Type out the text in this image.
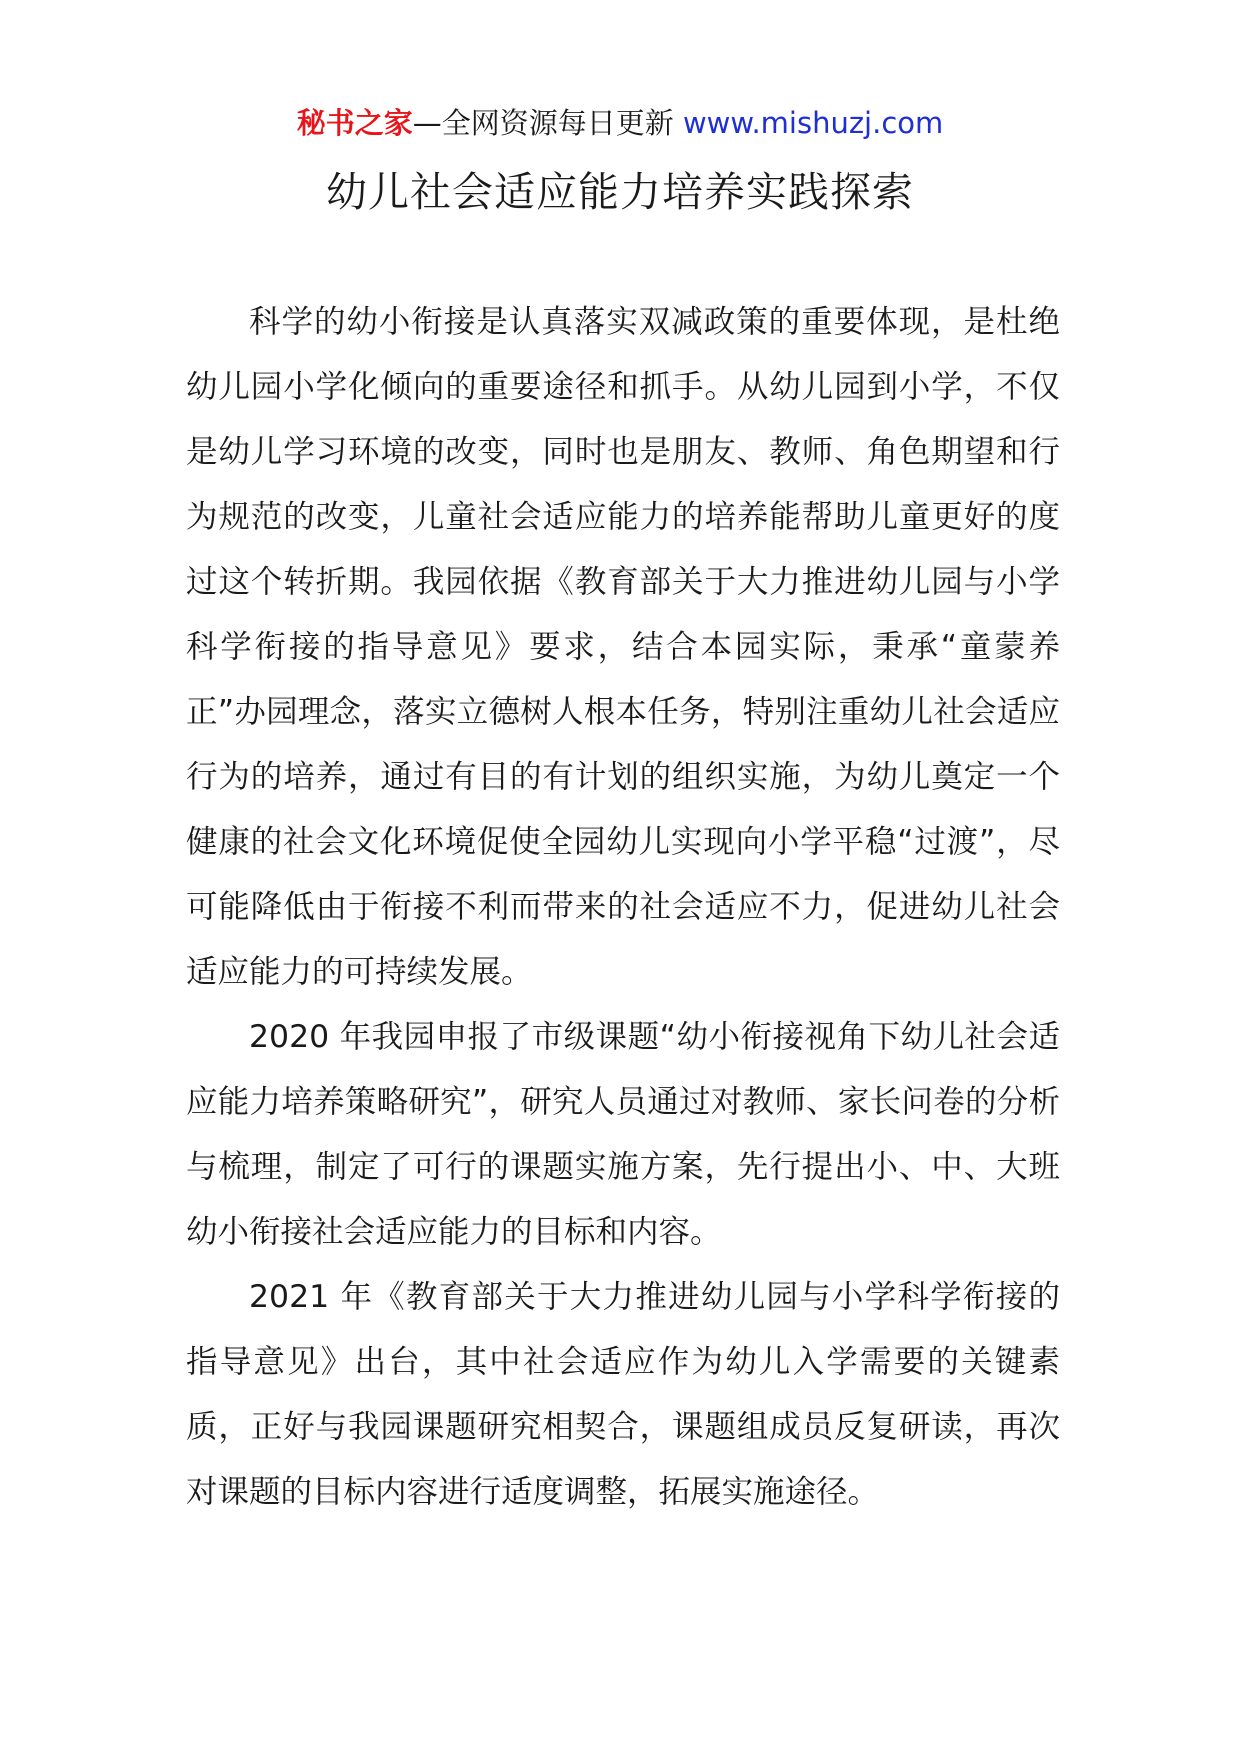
秘书之家—全网资源每日更新 www.mishuzj.com
幼儿社会适应能力培养实践探索

科学的幼小衔接是认真落实双减政策的重要体现，是杜绝幼儿园小学化倾向的重要途径和抓手。从幼儿园到小学，不仅是幼儿学习环境的改变，同时也是朋友、教师、角色期望和行为规范的改变，儿童社会适应能力的培养能帮助儿童更好的度过这个转折期。我园依据《教育部关于大力推进幼儿园与小学科学衔接的指导意见》要求，结合本园实际，秉承“童蒙养正”办园理念，落实立德树人根本任务，特别注重幼儿社会适应行为的培养，通过有目的有计划的组织实施，为幼儿奠定一个健康的社会文化环境促使全园幼儿实现向小学平稳“过渡”，尽可能降低由于衔接不利而带来的社会适应不力，促进幼儿社会适应能力的可持续发展。

2020 年我园申报了市级课题“幼小衔接视角下幼儿社会适应能力培养策略研究”，研究人员通过对教师、家长问卷的分析与梳理，制定了可行的课题实施方案，先行提出小、中、大班幼小衔接社会适应能力的目标和内容。

2021 年《教育部关于大力推进幼儿园与小学科学衔接的指导意见》出台，其中社会适应作为幼儿入学需要的关键素质，正好与我园课题研究相契合，课题组成员反复研读，再次对课题的目标内容进行适度调整，拓展实施途径。
